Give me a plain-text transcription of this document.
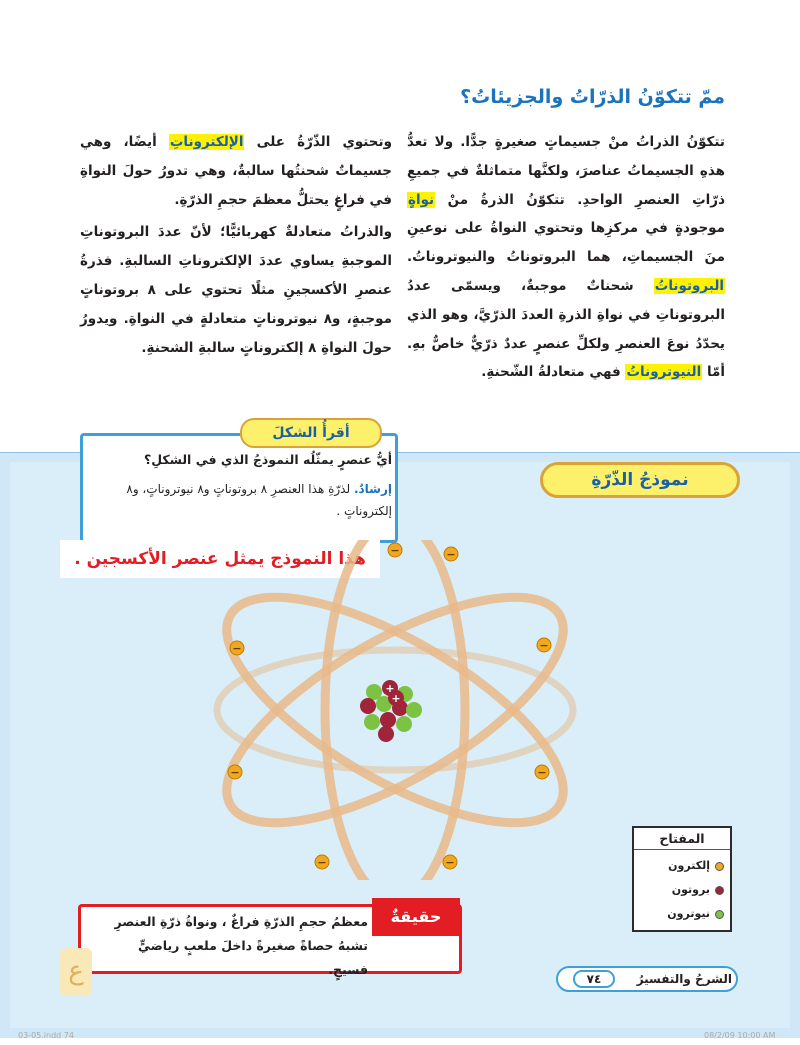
ممّ تتكوّنُ الذرّاتُ والجزيئاتُ؟
تتكوّنُ الذراتُ منْ جسيماتٍ صغيرةٍ جدًّا. ولا تعدُّ هذهِ الجسيماتُ عناصرَ، ولكنَّها متماثلةٌ في جميعِ ذرّاتِ العنصرِ الواحدِ. تتكوّنُ الذرةُ منْ نواةٍ موجودةٍ في مركزِها وتحتوي النواةُ على نوعينِ منَ الجسيماتِ، هما البروتوناتُ والنيوتروناتُ. البروتوناتُ شحناتٌ موجبةٌ، ويسمّى عددُ البروتوناتِ في نواةِ الذرةِ العددَ الذرّيَّ، وهو الذي يحدّدُ نوعَ العنصرِ ولكلِّ عنصرٍ عددٌ ذرّيٌّ خاصٌّ بهِ. أمّا النيوتروناتُ فهي متعادلةُ الشّحنةِ.

وتحتوي الذّرّةُ على الإلكتروناتِ أيضًا، وهي جسيماتٌ شحنتُها سالبةٌ، وهي تدورُ حولَ النواةِ في فراغٍ يحتلُّ معظمَ حجمِ الذرّةِ.

والذراتُ متعادلةٌ كهربائيًّا؛ لأنّ عددَ البروتوناتِ الموجبةِ يساوي عددَ الإلكتروناتِ السالبةِ. فذرةُ عنصرِ الأكسجينِ مثلًا تحتوي على ٨ بروتوناتٍ موجبةٍ، و٨ نيوتروناتٍ متعادلةٍ في النواةِ. ويدورُ حولَ النواةِ ٨ إلكتروناتٍ سالبةِ الشحنةِ.

أقرأُ الشكلَ
أيُّ عنصرٍ يمثّلُه النموذجُ الذي في الشكلِ؟
إرشادٌ. لذرّةِ هذا العنصرِ ٨ بروتوناتٍ و٨ نيوتروناتٍ، و٨ إلكتروناتٍ .
هذا النموذج يمثل عنصر الأكسجين .
نموذجُ الذّرّةِ
+
+
−
−
−
−	−
−
−
−
المفتاح
إلكترون
بروتون
نيوترون
حقيقةٌ
معظمُ حجمِ الذرّةِ فراغٌ ، ونواةُ ذرّةِ العنصرِ تشبهُ حصاةً صغيرةً داخلَ ملعبٍ رياضيٍّ فسيحٍ.
ع	الشرحُ والتفسيرُ
٧٤
03-05.indd 74	08/2/09 10:00 AM
